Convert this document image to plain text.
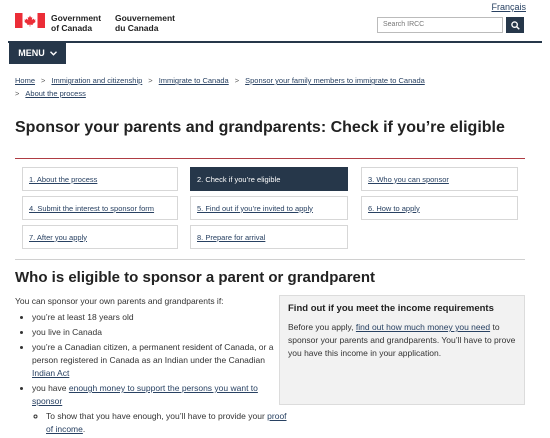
Français
Government
of Canada
Gouvernement
du Canada	Search IRCC
MENU
Home > Immigration and citizenship > Immigrate to Canada > Sponsor your family members to immigrate to Canada
> About the process
Sponsor your parents and grandparents: Check if you’re eligible
1. About the process	2. Check if you’re eligible	3. Who you can sponsor
4. Submit the interest to sponsor form	5. Find out if you’re invited to apply	6. How to apply
7. After you apply	8. Prepare for arrival
Who is eligible to sponsor a parent or grandparent

You can sponsor your own parents and grandparents if:

• you’re at least 18 years old
• you live in Canada
• you’re a Canadian citizen, a permanent resident of Canada, or a person registered in Canada as an Indian under the Canadian Indian Act
• you have enough money to support the persons you want to sponsor
◦ To show that you have enough, you’ll have to provide your proof of income.
Find out if you meet the income requirements

Before you apply, find out how much money you need to sponsor your parents and grandparents. You’ll have to prove you have this income in your application.
